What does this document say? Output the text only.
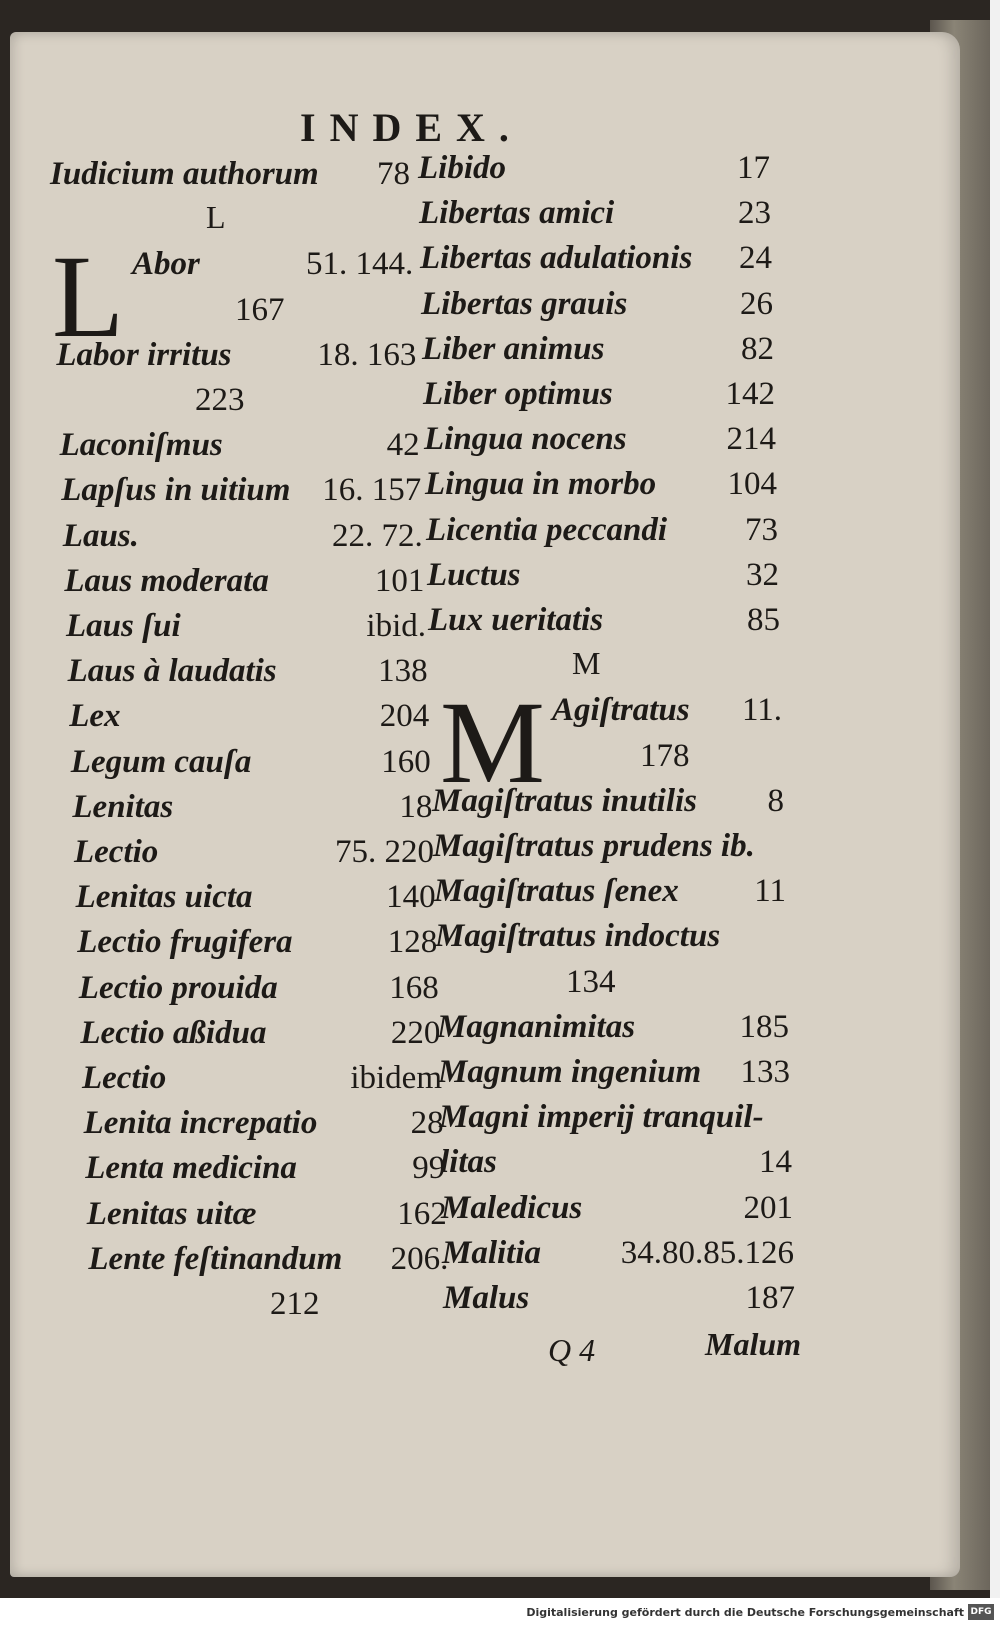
INDEX.
Iudicium authorum	78
L
L Abor	51. 144.
167
Labor irritus	18. 163
223
Laconiſmus	42
Lapſus in uitium 16. 157
Laus.	22. 72.
Laus moderata	101
Laus ſui	ibid.
Laus à laudatis	138
Lex	204
Legum cauſa	160
Lenitas	18
Lectio	75. 220
Lenitas uicta	140
Lectio frugifera	128
Lectio prouida	168
Lectio aßidua	220
Lectio	ibidem
Lenita increpatio	28
Lenta medicina	99
Lenitas uitæ	162
Lente feſtinandum	206.
212
Libido	17
Libertas amici	23
Libertas adulationis	24
Libertas grauis	26
Liber animus	82
Liber optimus	142
Lingua nocens	214
Lingua in morbo	104
Licentia peccandi	73
Luctus	32
Lux ueritatis	85
M
M Agiſtratus	11.
178
Magiſtratus inutilis	8
Magiſtratus prudens ib.
Magiſtratus ſenex	11
Magiſtratus indoctus
134
Magnanimitas	185
Magnum ingenium	133
Magni imperij tranquil-
litas	14
Maledicus	201
Malitia	34.80.85.126
Malus	187
Q 4	Malum
Digitalisierung gefördert durch die Deutsche Forschungsgemeinschaft DFG
